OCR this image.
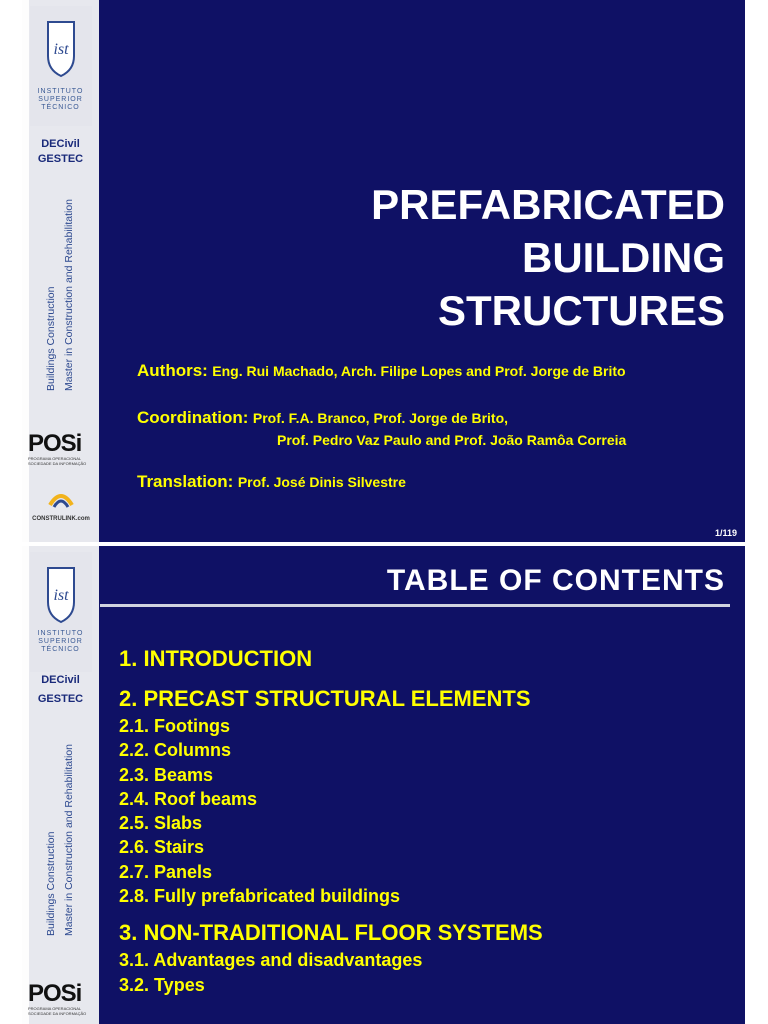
ist
INSTITUTO
SUPERIOR
TÉCNICO
DECivil
GESTEC
Buildings Construction Master in Construction and Rehabilitation
POSi
PROGRAMA OPERACIONAL SOCIEDADE DA INFORMAÇÃO
CONSTRULINK.com
PREFABRICATED
BUILDING
STRUCTURES
Authors: Eng. Rui Machado, Arch. Filipe Lopes and Prof. Jorge de Brito
Coordination: Prof. F.A. Branco, Prof. Jorge de Brito,
Prof. Pedro Vaz Paulo and Prof. João Ramôa Correia
Translation: Prof. José Dinis Silvestre
1/119
ist
INSTITUTO
SUPERIOR
TÉCNICO
DECivil
GESTEC
Buildings Construction Master in Construction and Rehabilitation
POSi
PROGRAMA OPERACIONAL SOCIEDADE DA INFORMAÇÃO
TABLE OF CONTENTS
1. INTRODUCTION
2. PRECAST STRUCTURAL ELEMENTS
2.1. Footings
2.2. Columns
2.3. Beams
2.4. Roof beams
2.5. Slabs
2.6. Stairs
2.7. Panels
2.8. Fully prefabricated buildings
3. NON-TRADITIONAL FLOOR SYSTEMS
3.1. Advantages and disadvantages
3.2. Types
